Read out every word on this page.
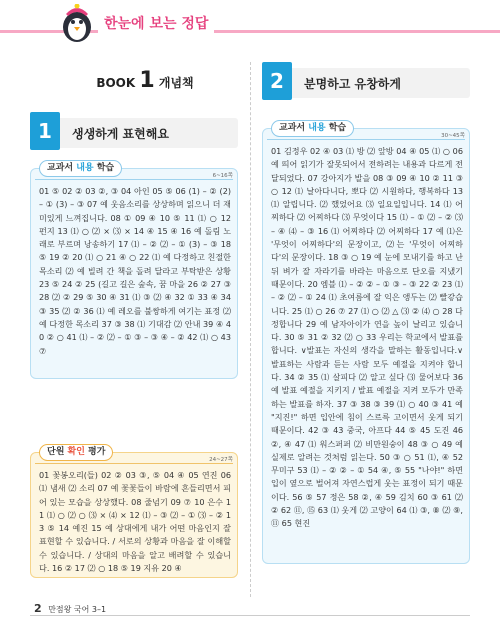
한눈에 보는 정답
BOOK 1 개념책
1	생생하게 표현해요
교과서 내용 학습
6~16쪽
01 ⑤ 02 ② 03 ②, ③ 04 아인 05 ⑤ 06 (1) – ② (2) – ① (3) – ③ 07 예 웃음소리를 상상하며 읽으니 더 재미있게 느껴집니다. 08 ① 09 ④ 10 ⑤ 11 ⑴ ○ 12 펀지 13 ⑴ ○ ⑵ × ⑶ × 14 ④ 15 ④ 16 예 돌림 노래로 부르며 낭송하기 17 ⑴ – ② ⑵ – ① (3) – ③ 18 ⑤ 19 ② 20 ⑴ ○ 21 ④ ○ 22 ⑴ 예 다정하고 친절한 목소리 ⑵ 예 빌려 간 책을 돌려 달라고 부탁받은 상황 23 ⑤ 24 ② 25 (길고 길은 숲속, 꿈 마을 26 ② 27 ③ 28 ⑵ ② 29 ⑤ 30 ④ 31 ⑴ ③ ⑵ ④ 32 ① 33 ④ 34 ③ 35 ⑵ ② 36 ⑴ 예 레오를 불쌍하게 여기는 표정 ⑵ 예 다정한 목소리 37 ③ 38 ⑴ 기대감 ⑵ 안내 39 ④ 40 ② ○ 41 ⑴ – ② ⑵ – ① ③ – ③ ④ – ② 42 ⑴ ○ 43 ⑦
단원 확인 평가
24~27쪽
01 꽃봉오리(들) 02 ② 03 ③, ⑤ 04 ④ 05 연진 06 ⑴ 냄새 ⑵ 소리 07 예 꽃꽃들이 바람에 흔들리면서 피어 있는 모습을 상상했다. 08 줄넘기 09 ⑦ 10 은수 11 ⑴ ○ ⑵ ○ ⑶ × ⑷ × 12 ⑴ – ③ ⑵ – ① ⑶ – ② 13 ⑤ 14 예진 15 예 상대에게 내가 어떤 마음인지 잘 표현할 수 있습니다. / 서로의 상황과 마음을 잘 이해할 수 있습니다. / 상대의 마음을 알고 배려할 수 있습니다. 16 ② 17 ⑵ ○ 18 ⑤ 19 지유 20 ④
2	분명하고 유창하게
교과서 내용 학습
30~45쪽
01 김정우 02 ④ 03 ⑴ 방 ⑵ 앞방 04 ④ 05 ⑴ ○ 06 예 띄어 읽기가 잘못되어서 전하려는 내용과 다르게 전달되었다. 07 강아지가 발을 08 ③ 09 ④ 10 ② 11 ③ ○ 12 ⑴ 날아다니다, 뽀다 ⑵ 시원하다, 행복하다 13 ⑴ 알립니다. ⑵ 했었어요 ⑶ 일요일입니다. 14 ⑴ 어찌하다 ⑵ 어찌하다 ⑶ 무엇이다 15 ⑴ – ① ⑵ – ② ⑶ – ④ ⑷ – ③ 16 ⑴ 어찌하다 ⑵ 어찌하다 17 예 ⑴은 '무엇이 어찌하다'의 문장이고, ⑵는 '무엇이 어찌하다'의 문장이다. 18 ③ ○ 19 예 눈에 모내기를 하고 난 뒤 벼가 잘 자라기를 바라는 마음으로 단오를 지냈기 때문이다. 20 엠블 ⑴ – ② ② – ① ③ – ③ 22 ② 23 ⑴ – ② ⑵ – ① 24 ⑴ 초여름에 잘 익은 앵두는 ⑵ 빨갛습니다. 25 ⑴ ○ 26 ⑦ 27 ⑴ ○ ⑵ △ ⑶ ② ⑷ ○ 28 다정합니다 29 예 남자아이가 연을 높이 날리고 있습니다. 30 ⑤ 31 ② 32 ⑵ ○ 33 우리는 학교에서 발표를 합니다. ∨발표는 자신의 생각을 말하는 활동입니다.∨발표하는 사람과 듣는 사람 모두 예절을 지켜야 합니다. 34 ② 35 ⑴ 살피다 ⑵ 알고 싶다 ⑶ 물어보다 36 예 발표 예절을 지키지 / 발표 예절을 지켜 모두가 만족하는 발표를 하자. 37 ③ 38 ③ 39 ⑴ ○ 40 ③ 41 예 "지진!" 하면 입안에 침이 스르륵 고이면서 웃게 되기 때문이다. 42 ③ 43 중국, 아프다 44 ⑤ 45 도진 46 ②, ④ 47 ⑴ 워스퍼퍼 ⑵ 비만원숭이 48 ③ ○ 49 예 실제로 알려는 것처럼 읽는다. 50 ③ ○ 51 ⑴, ④ 52 무미구 53 ⑴ – ② ② – ① 54 ④, ⑤ 55 "나야!" 하면 입이 옆으로 벌어져 자연스럽게 웃는 표정이 되기 때문이다. 56 ⑤ 57 정은 58 ②, ④ 59 김치 60 ③ 61 ⑵ ② 62 ⑪, ⑮ 63 ⑴ 웃게 ⑵ 고양이 64 ⑴ ③, ⑧ ⑵ ⑨, ⑪ 65 현진
2 만점왕 국어 3–1
